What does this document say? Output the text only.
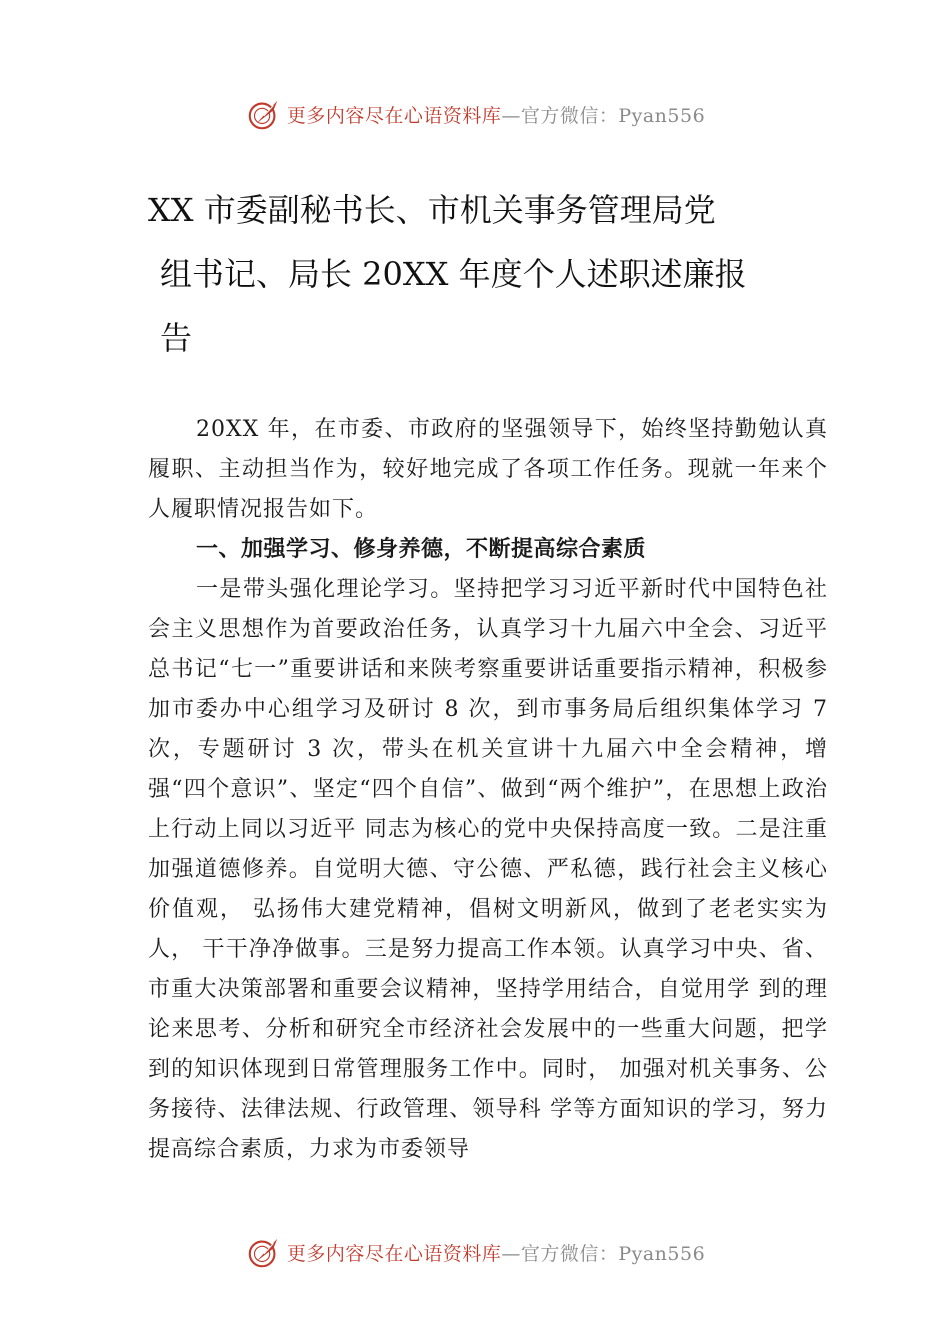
更多内容尽在心语资料库—官方微信：Pyan556
XX 市委副秘书长、市机关事务管理局党
组书记、局长 20XX 年度个人述职述廉报
告

20XX 年，在市委、市政府的坚强领导下，始终坚持勤勉认真履职、主动担当作为，较好地完成了各项工作任务。现就一年来个人履职情况报告如下。

一、加强学习、修身养德，不断提高综合素质

一是带头强化理论学习。坚持把学习习近平新时代中国特色社会主义思想作为首要政治任务，认真学习十九届六中全会、习近平总书记“七一”重要讲话和来陕考察重要讲话重要指示精神，积极参加市委办中心组学习及研讨 8 次，到市事务局后组织集体学习 7 次，专题研讨 3 次，带头在机关宣讲十九届六中全会精神，增强“四个意识”、坚定“四个自信”、做到“两个维护”，在思想上政治上行动上同以习近平 同志为核心的党中央保持高度一致。二是注重加强道德修养。自觉明大德、守公德、严私德，践行社会主义核心价值观， 弘扬伟大建党精神，倡树文明新风，做到了老老实实为人， 干干净净做事。三是努力提高工作本领。认真学习中央、省、 市重大决策部署和重要会议精神，坚持学用结合，自觉用学 到的理论来思考、分析和研究全市经济社会发展中的一些重大问题，把学到的知识体现到日常管理服务工作中。同时， 加强对机关事务、公务接待、法律法规、行政管理、领导科 学等方面知识的学习，努力提高综合素质，力求为市委领导

更多内容尽在心语资料库—官方微信：Pyan556
